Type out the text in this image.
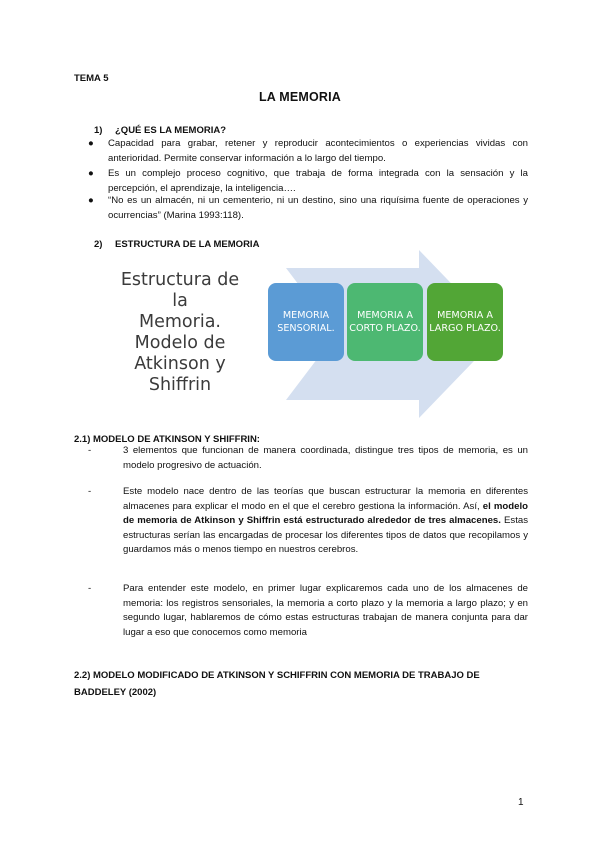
TEMA 5
LA MEMORIA
1) ¿QUÉ ES LA MEMORIA?
● Capacidad para grabar, retener y reproducir acontecimientos o experiencias vividas con anterioridad. Permite conservar información a lo largo del tiempo.
● Es un complejo proceso cognitivo, que trabaja de forma integrada con la sensación y la percepción, el aprendizaje, la inteligencia….
● “No es un almacén, ni un cementerio, ni un destino, sino una riquísima fuente de operaciones y ocurrencias” (Marina 1993:118).
2) ESTRUCTURA DE LA MEMORIA
Estructura de la
Memoria.
Modelo de
Atkinson y
Shiffrin
MEMORIA SENSORIAL.
MEMORIA A CORTO PLAZO.
MEMORIA A LARGO PLAZO.
2.1) MODELO DE ATKINSON Y SHIFFRIN:
-	3 elementos que funcionan de manera coordinada, distingue tres tipos de memoria, es un modelo progresivo de actuación.
-	Este modelo nace dentro de las teorías que buscan estructurar la memoria en diferentes almacenes para explicar el modo en el que el cerebro gestiona la información. Así, el modelo de memoria de Atkinson y Shiffrin está estructurado alrededor de tres almacenes. Estas estructuras serían las encargadas de procesar los diferentes tipos de datos que recopilamos y guardamos más o menos tiempo en nuestros cerebros.
-	Para entender este modelo, en primer lugar explicaremos cada uno de los almacenes de memoria: los registros sensoriales, la memoria a corto plazo y la memoria a largo plazo; y en segundo lugar, hablaremos de cómo estas estructuras trabajan de manera conjunta para dar lugar a eso que conocemos como memoria
2.2) MODELO MODIFICADO DE ATKINSON Y SCHIFFRIN CON MEMORIA DE TRABAJO DE BADDELEY (2002)
1
